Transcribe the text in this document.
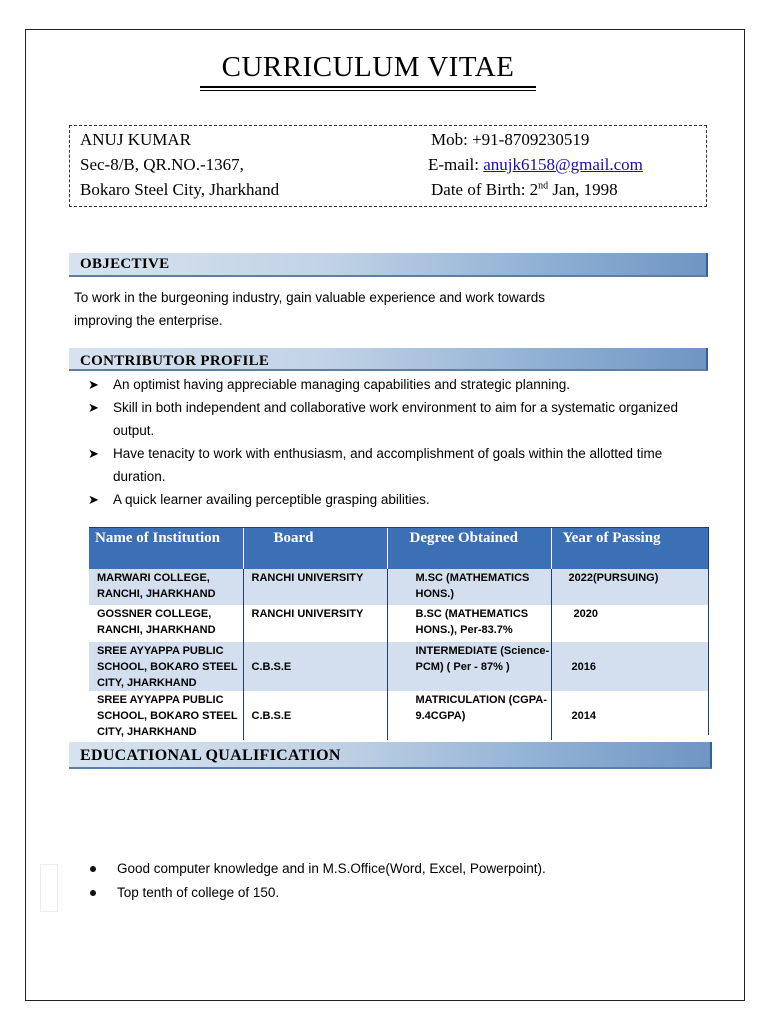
CURRICULUM VITAE
ANUJ KUMAR
Sec-8/B, QR.NO.-1367,
Bokaro Steel City, Jharkhand
Mob: +91-8709230519
E-mail: anujk6158@gmail.com
Date of Birth: 2nd Jan, 1998
OBJECTIVE
To work in the burgeoning industry, gain valuable experience and work towards
improving the enterprise.
CONTRIBUTOR PROFILE
➤ An optimist having appreciable managing capabilities and strategic planning.
➤ Skill in both independent and collaborative work environment to aim for a systematic organized output.
➤ Have tenacity to work with enthusiasm, and accomplishment of goals within the allotted time duration.
➤ A quick learner availing perceptible grasping abilities.
Name of Institution	Board	Degree Obtained	Year of Passing
MARWARI COLLEGE, RANCHI, JHARKHAND	RANCHI UNIVERSITY	M.SC (MATHEMATICS HONS.)	2022(PURSUING)
GOSSNER COLLEGE, RANCHI, JHARKHAND	RANCHI UNIVERSITY	B.SC (MATHEMATICS HONS.), Per-83.7%	2020
SREE AYYAPPA PUBLIC SCHOOL, BOKARO STEEL CITY, JHARKHAND	C.B.S.E	INTERMEDIATE (Science-PCM) ( Per - 87% )	2016
SREE AYYAPPA PUBLIC SCHOOL, BOKARO STEEL CITY, JHARKHAND	C.B.S.E	MATRICULATION (CGPA- 9.4CGPA)	2014
EDUCATIONAL QUALIFICATION
Good computer knowledge and in M.S.Office(Word, Excel, Powerpoint).
Top tenth of college of 150.
